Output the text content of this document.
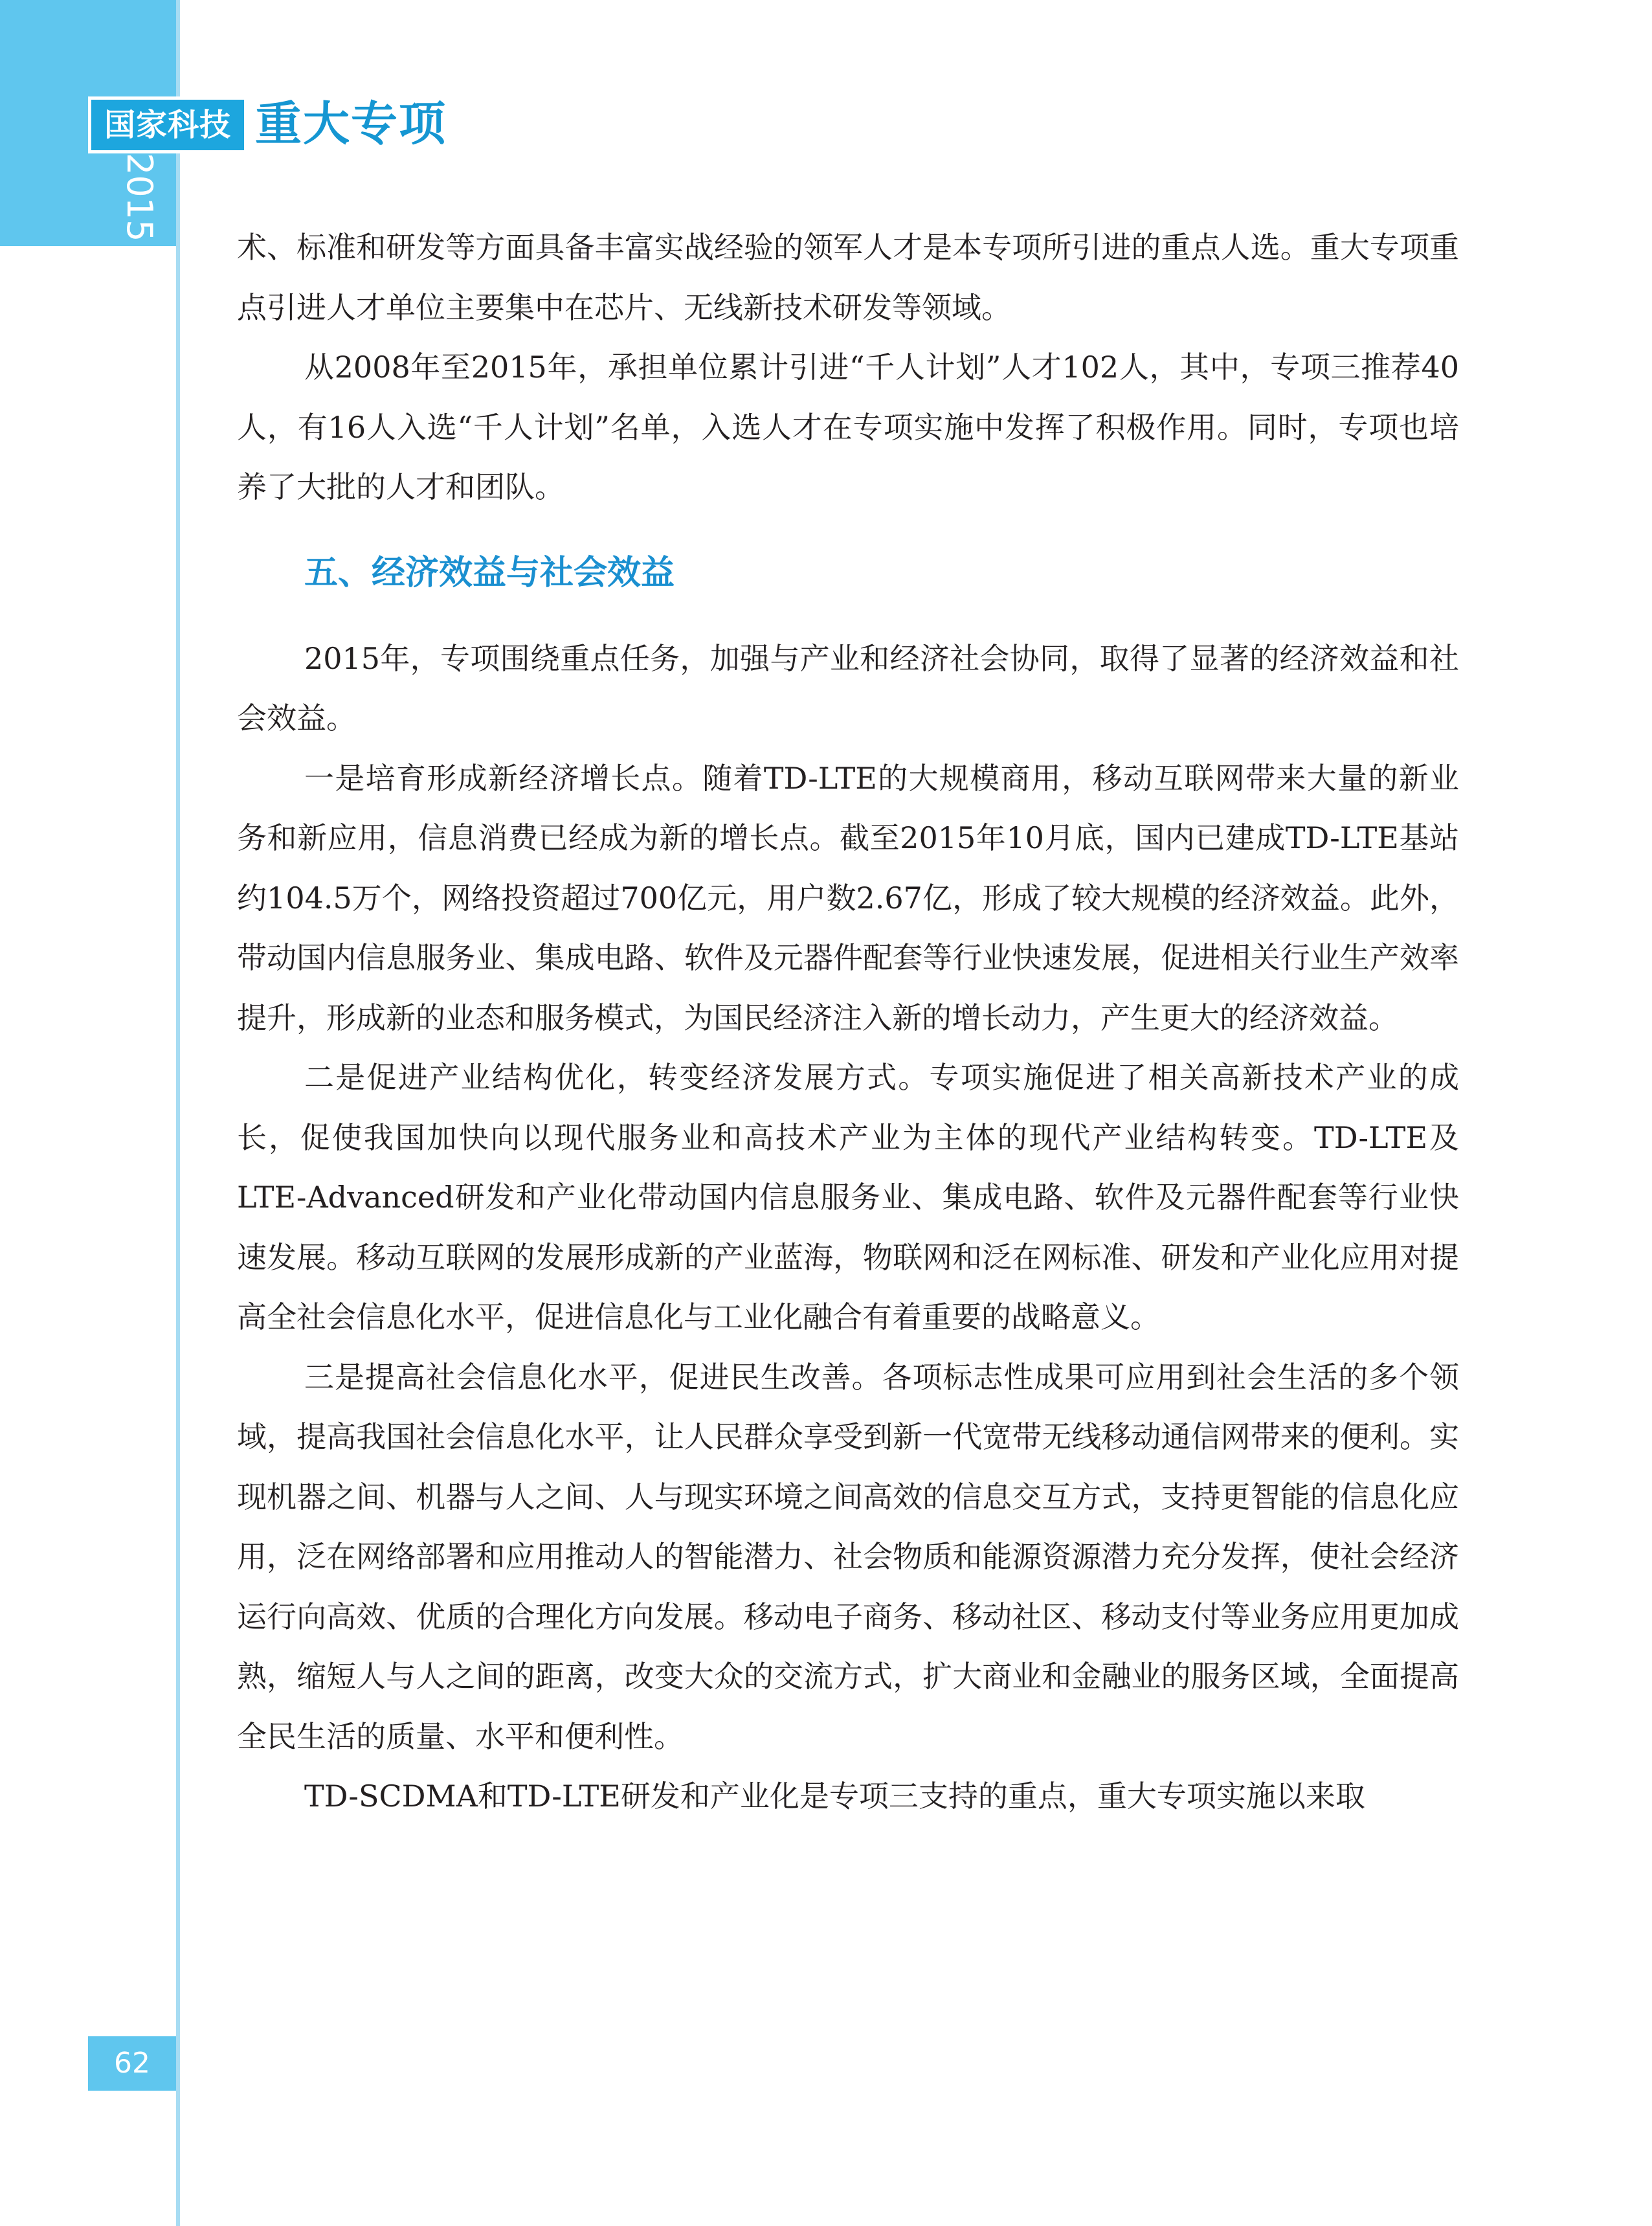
国家科技 重大专项
2015 年度报告	术、标准和研发等方面具备丰富实战经验的领军人才是本专项所引进的重点人选。重大专项重点引进人才单位主要集中在芯片、无线新技术研发等领域。

从2008年至2015年，承担单位累计引进“千人计划”人才102人，其中，专项三推荐40人，有16人入选“千人计划”名单，入选人才在专项实施中发挥了积极作用。同时，专项也培养了大批的人才和团队。

五、经济效益与社会效益

2015年，专项围绕重点任务，加强与产业和经济社会协同，取得了显著的经济效益和社会效益。

一是培育形成新经济增长点。随着TD-LTE的大规模商用，移动互联网带来大量的新业务和新应用，信息消费已经成为新的增长点。截至2015年10月底，国内已建成TD-LTE基站约104.5万个，网络投资超过700亿元，用户数2.67亿，形成了较大规模的经济效益。此外，带动国内信息服务业、集成电路、软件及元器件配套等行业快速发展，促进相关行业生产效率提升，形成新的业态和服务模式，为国民经济注入新的增长动力，产生更大的经济效益。

二是促进产业结构优化，转变经济发展方式。专项实施促进了相关高新技术产业的成长，促使我国加快向以现代服务业和高技术产业为主体的现代产业结构转变。TD-LTE及LTE-Advanced研发和产业化带动国内信息服务业、集成电路、软件及元器件配套等行业快速发展。移动互联网的发展形成新的产业蓝海，物联网和泛在网标准、研发和产业化应用对提高全社会信息化水平，促进信息化与工业化融合有着重要的战略意义。

三是提高社会信息化水平，促进民生改善。各项标志性成果可应用到社会生活的多个领域，提高我国社会信息化水平，让人民群众享受到新一代宽带无线移动通信网带来的便利。实现机器之间、机器与人之间、人与现实环境之间高效的信息交互方式，支持更智能的信息化应用，泛在网络部署和应用推动人的智能潜力、社会物质和能源资源潜力充分发挥，使社会经济运行向高效、优质的合理化方向发展。移动电子商务、移动社区、移动支付等业务应用更加成熟，缩短人与人之间的距离，改变大众的交流方式，扩大商业和金融业的服务区域，全面提高全民生活的质量、水平和便利性。

TD-SCDMA和TD-LTE研发和产业化是专项三支持的重点，重大专项实施以来取

62
